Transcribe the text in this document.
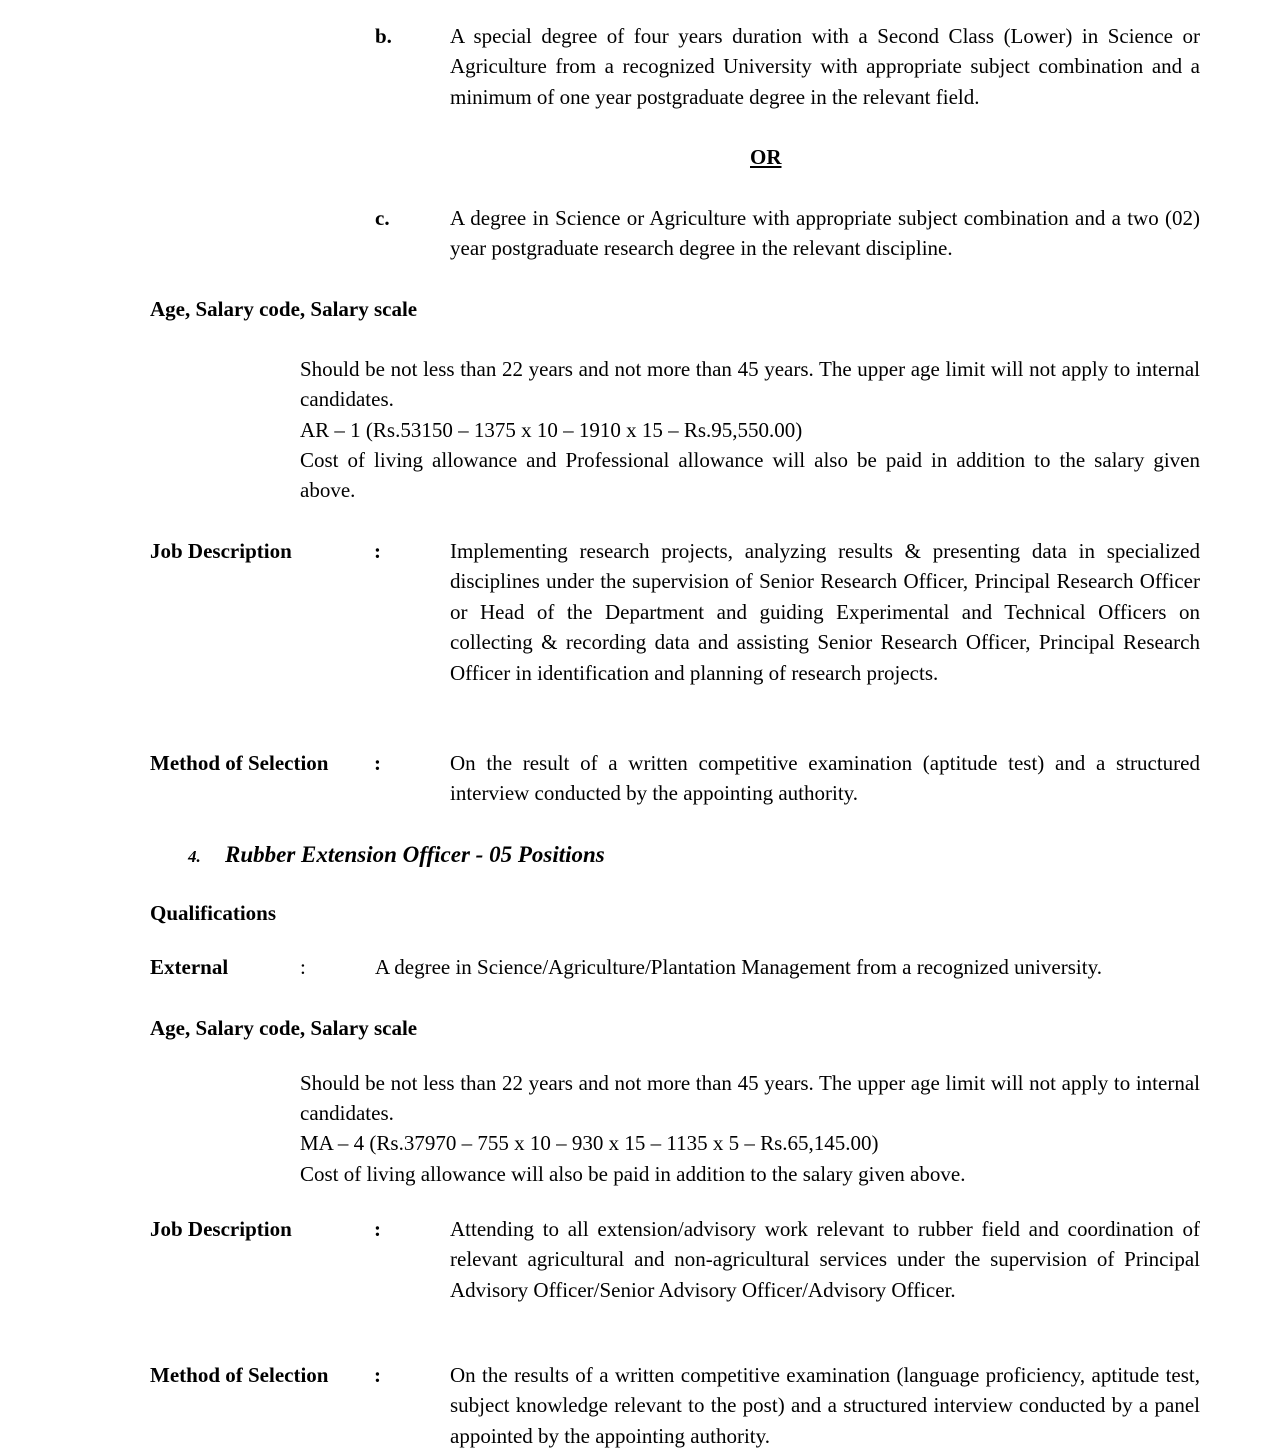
b.	A special degree of four years duration with a Second Class (Lower) in Science or Agriculture from a recognized University with appropriate subject combination and a minimum of one year postgraduate degree in the relevant field.
OR
c.	A degree in Science or Agriculture with appropriate subject combination and a two (02) year postgraduate research degree in the relevant discipline.
Age, Salary code, Salary scale
Should be not less than 22 years and not more than 45 years. The upper age limit will not apply to internal candidates.
AR – 1 (Rs.53150 – 1375 x 10 – 1910 x 15 – Rs.95,550.00)
Cost of living allowance and Professional allowance will also be paid in addition to the salary given above.
Job Description	:	Implementing research projects, analyzing results & presenting data in specialized disciplines under the supervision of Senior Research Officer, Principal Research Officer or Head of the Department and guiding Experimental and Technical Officers on collecting & recording data and assisting Senior Research Officer, Principal Research Officer in identification and planning of research projects.
Method of Selection :	On the result of a written competitive examination (aptitude test) and a structured interview conducted by the appointing authority.
4. Rubber Extension Officer - 05 Positions
Qualifications
External	:	A degree in Science/Agriculture/Plantation Management from a recognized university.
Age, Salary code, Salary scale
Should be not less than 22 years and not more than 45 years. The upper age limit will not apply to internal candidates.
MA – 4 (Rs.37970 – 755 x 10 – 930 x 15 – 1135 x 5 – Rs.65,145.00)
Cost of living allowance will also be paid in addition to the salary given above.
Job Description	:	Attending to all extension/advisory work relevant to rubber field and coordination of relevant agricultural and non-agricultural services under the supervision of Principal Advisory Officer/Senior Advisory Officer/Advisory Officer.
Method of Selection :	On the results of a written competitive examination (language proficiency, aptitude test, subject knowledge relevant to the post) and a structured interview conducted by a panel appointed by the appointing authority.
